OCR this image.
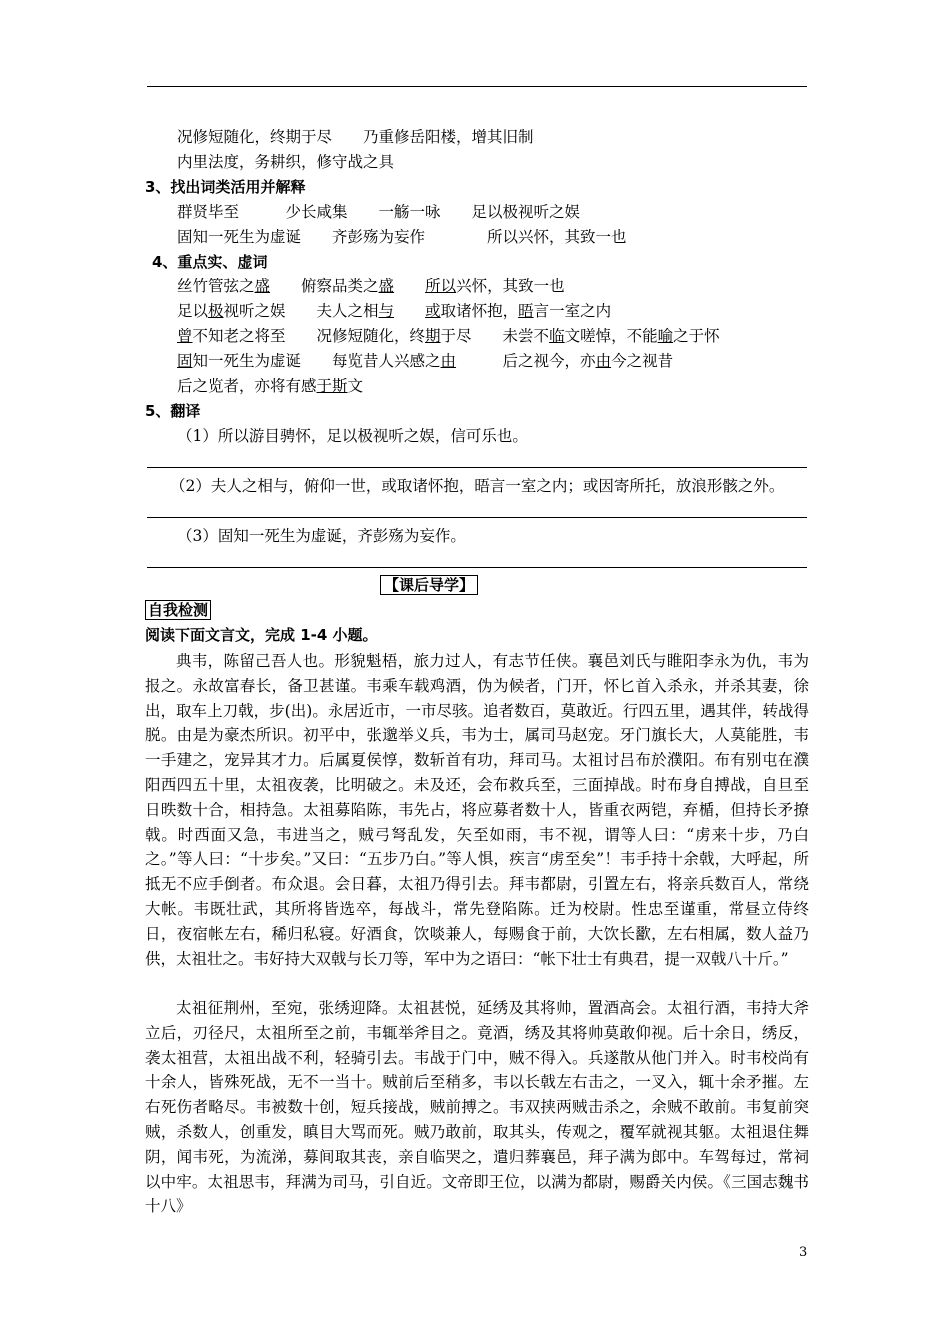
况修短随化，终期于尽　　乃重修岳阳楼，增其旧制
内里法度，务耕织，修守战之具
3、找出词类活用并解释
群贤毕至　　　少长咸集　　一觞一咏　　足以极视听之娱
固知一死生为虚诞　　齐彭殇为妄作　　　　所以兴怀，其致一也
4、重点实、虚词
丝竹管弦之盛　　俯察品类之盛　　 所以兴怀，其致一也
足以极视听之娱　　夫人之相与　　 或取诸怀抱，晤言一室之内
曾不知老之将至　　况修短随化，终期于尽　　未尝不临文嗟悼，不能喻之于怀
固知一死生为虚诞　　每览昔人兴感之由　　　后之视今，亦由今之视昔
后之览者，亦将有感于斯文
5、翻译
（1）所以游目骋怀，足以极视听之娱，信可乐也。
（2）夫人之相与，俯仰一世，或取诸怀抱，晤言一室之内；或因寄所托，放浪形骸之外。
（3）固知一死生为虚诞，齐彭殇为妄作。
【课后导学】
自我检测
阅读下面文言文，完成 1-4 小题。

典韦，陈留己吾人也。形貌魁梧，旅力过人，有志节任侠。襄邑刘氏与睢阳李永为仇，韦为报之。永故富春长，备卫甚谨。韦乘车载鸡酒，伪为候者，门开，怀匕首入杀永，并杀其妻，徐出，取车上刀戟，步(出)。永居近市，一市尽骇。追者数百，莫敢近。行四五里，遇其伴，转战得脱。由是为豪杰所识。初平中，张邈举义兵，韦为士，属司马赵宠。牙门旗长大，人莫能胜，韦一手建之，宠异其才力。后属夏侯惇，数斩首有功，拜司马。太祖讨吕布於濮阳。布有别屯在濮阳西四五十里，太祖夜袭，比明破之。未及还，会布救兵至，三面掉战。时布身自搏战，自旦至日昳数十合，相持急。太祖募陷陈，韦先占，将应募者数十人，皆重衣两铠，弃楯，但持长矛撩戟。时西面又急，韦进当之，贼弓弩乱发，矢至如雨，韦不视，谓等人曰：“虏来十步，乃白之。”等人曰：“十步矣。”又曰：“五步乃白。”等人惧，疾言“虏至矣”！韦手持十余戟，大呼起，所抵无不应手倒者。布众退。会日暮，太祖乃得引去。拜韦都尉，引置左右，将亲兵数百人，常绕大帐。韦既壮武，其所将皆选卒，每战斗，常先登陷陈。迁为校尉。性忠至谨重，常昼立侍终日，夜宿帐左右，稀归私寝。好酒食，饮啖兼人，每赐食于前，大饮长歠，左右相属，数人益乃供，太祖壮之。韦好持大双戟与长刀等，军中为之语曰：“帐下壮士有典君，提一双戟八十斤。”

太祖征荆州，至宛，张绣迎降。太祖甚悦，延绣及其将帅，置酒高会。太祖行酒，韦持大斧立后，刃径尺，太祖所至之前，韦辄举斧目之。竟酒，绣及其将帅莫敢仰视。后十余日，绣反，袭太祖营，太祖出战不利，轻骑引去。韦战于门中，贼不得入。兵遂散从他门并入。时韦校尚有十余人，皆殊死战，无不一当十。贼前后至稍多，韦以长戟左右击之，一叉入，辄十余矛摧。左右死伤者略尽。韦被数十创，短兵接战，贼前搏之。韦双挟两贼击杀之，余贼不敢前。韦复前突贼，杀数人，创重发，瞋目大骂而死。贼乃敢前，取其头，传观之，覆军就视其躯。太祖退住舞阴，闻韦死，为流涕，募间取其丧，亲自临哭之，遣归葬襄邑，拜子满为郎中。车驾每过，常祠以中牢。太祖思韦，拜满为司马，引自近。文帝即王位，以满为都尉，赐爵关内侯。《三国志魏书十八》

3
